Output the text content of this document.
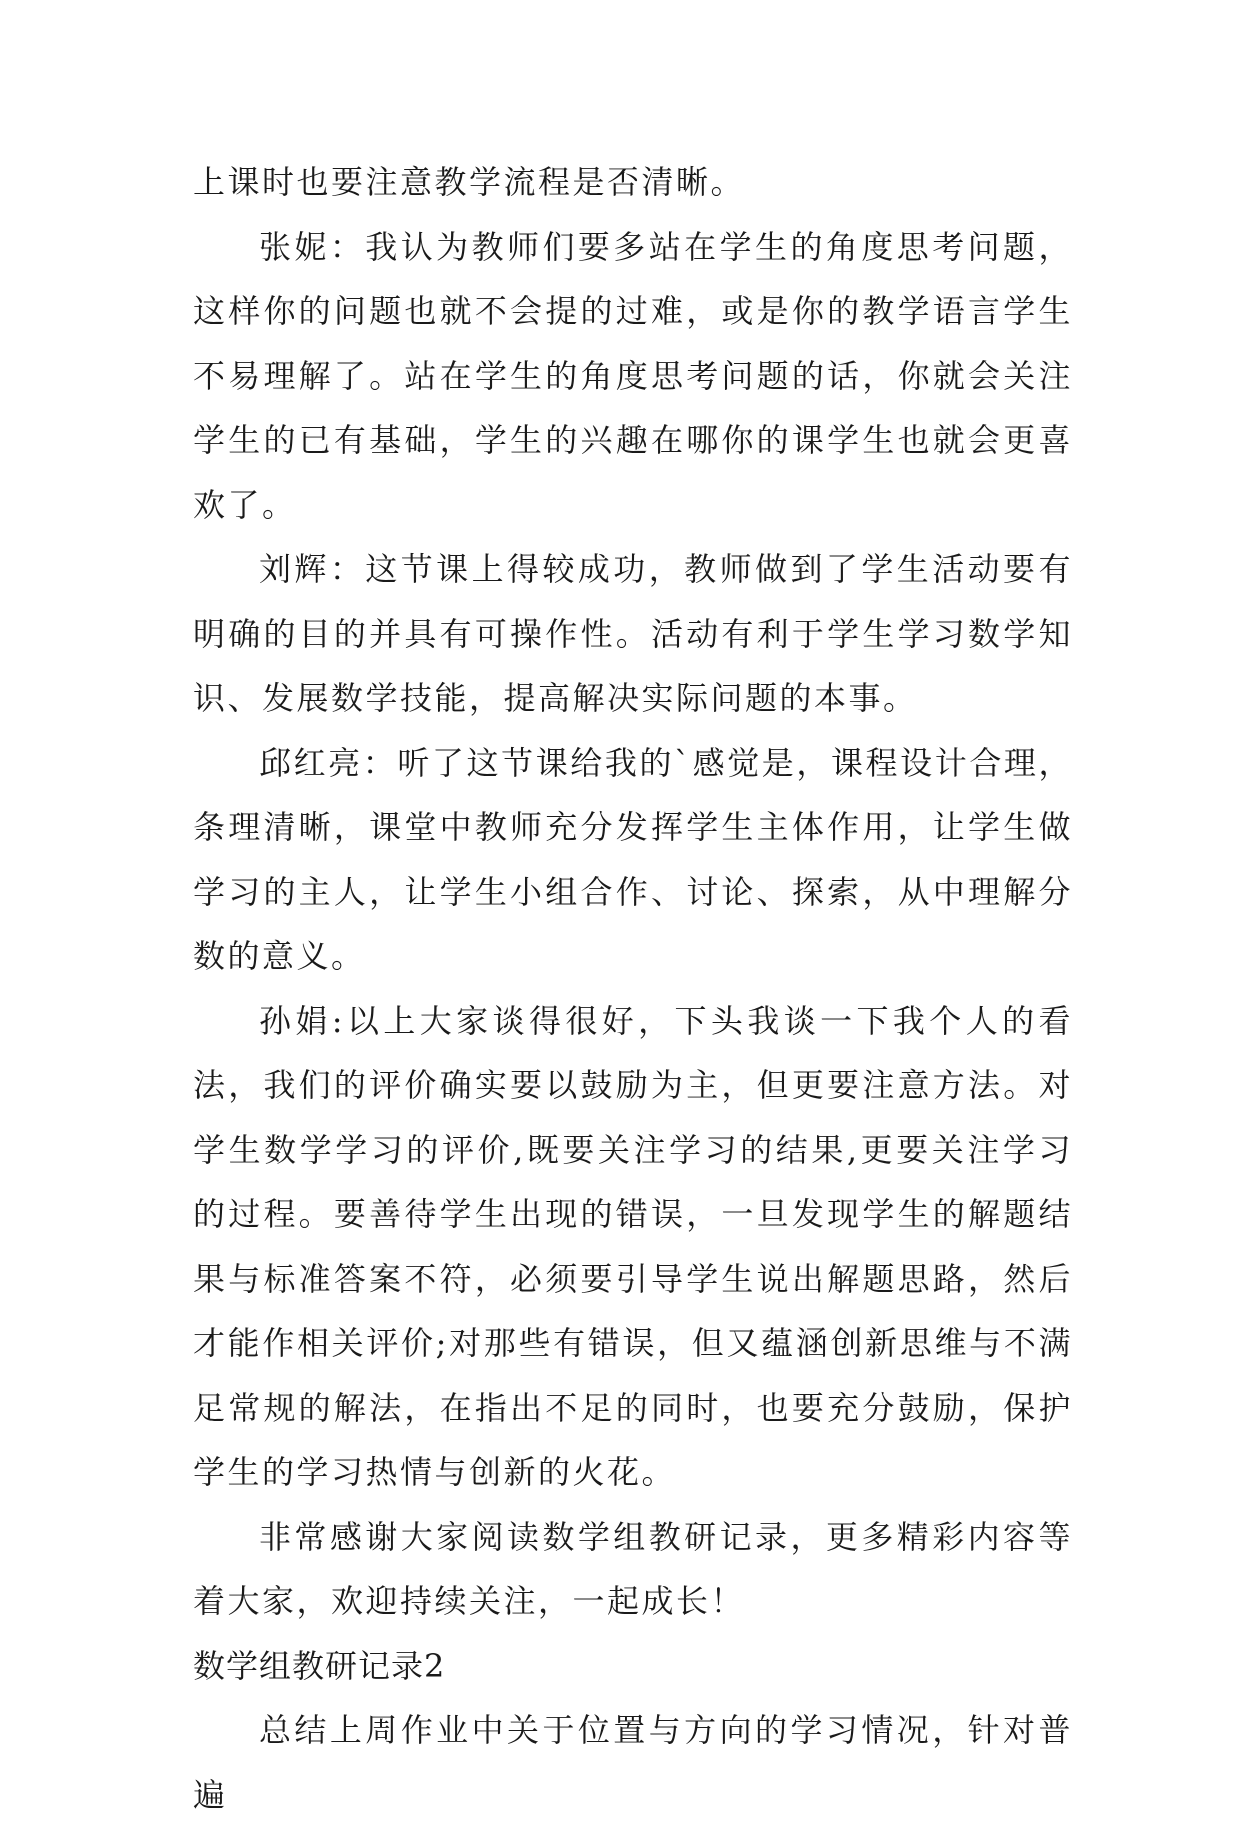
上课时也要注意教学流程是否清晰。

张妮：我认为教师们要多站在学生的角度思考问题，这样你的问题也就不会提的过难，或是你的教学语言学生不易理解了。站在学生的角度思考问题的话，你就会关注学生的已有基础，学生的兴趣在哪你的课学生也就会更喜欢了。

刘辉：这节课上得较成功，教师做到了学生活动要有明确的目的并具有可操作性。活动有利于学生学习数学知识、发展数学技能，提高解决实际问题的本事。

邱红亮：听了这节课给我的`感觉是，课程设计合理，条理清晰，课堂中教师充分发挥学生主体作用，让学生做学习的主人，让学生小组合作、讨论、探索，从中理解分数的意义。

孙娟:以上大家谈得很好，下头我谈一下我个人的看法，我们的评价确实要以鼓励为主，但更要注意方法。对学生数学学习的评价,既要关注学习的结果,更要关注学习的过程。要善待学生出现的错误，一旦发现学生的解题结果与标准答案不符，必须要引导学生说出解题思路，然后才能作相关评价;对那些有错误，但又蕴涵创新思维与不满足常规的解法，在指出不足的同时，也要充分鼓励，保护学生的学习热情与创新的火花。

非常感谢大家阅读数学组教研记录，更多精彩内容等着大家，欢迎持续关注，一起成长！

数学组教研记录2

总结上周作业中关于位置与方向的学习情况，针对普遍
